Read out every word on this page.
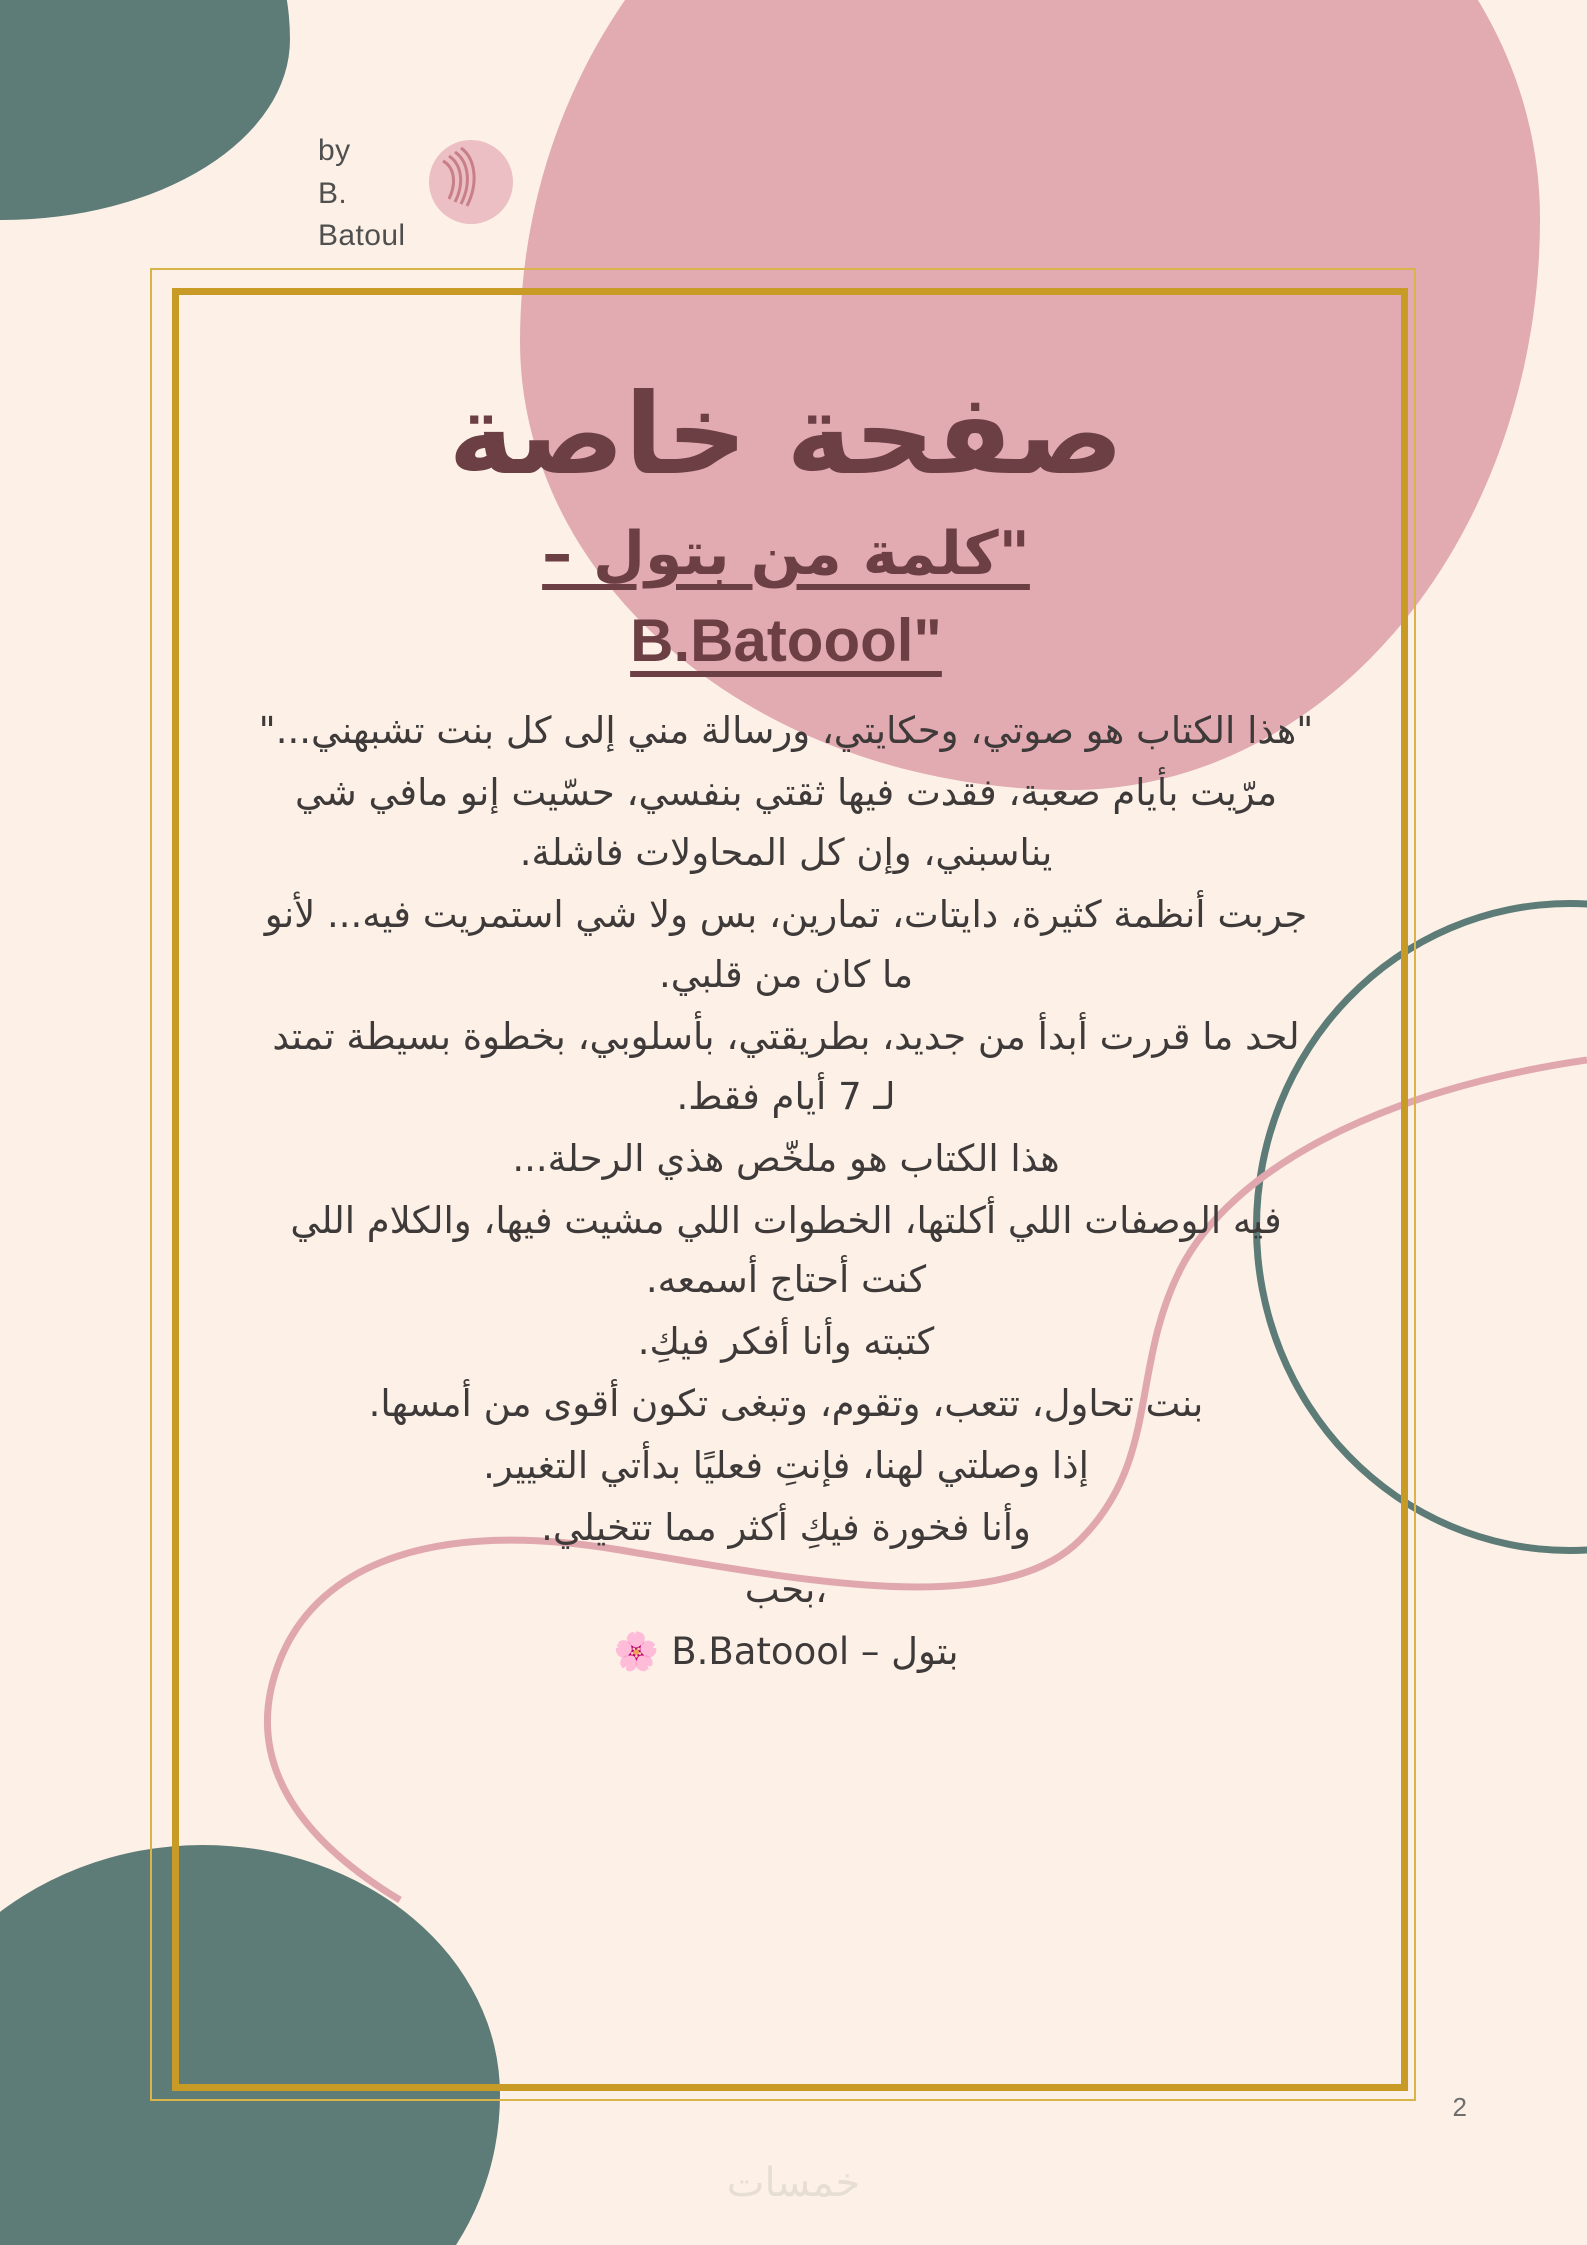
by
B.
Batoul
صفحة خاصة
"كلمة من بتول –
B.Batoool"

"هذا الكتاب هو صوتي، وحكايتي، ورسالة مني إلى كل بنت تشبهني..."

مرّيت بأيام صعبة، فقدت فيها ثقتي بنفسي، حسّيت إنو مافي شي يناسبني، وإن كل المحاولات فاشلة.

جربت أنظمة كثيرة، دايتات، تمارين، بس ولا شي استمريت فيه... لأنو ما كان من قلبي.

لحد ما قررت أبدأ من جديد، بطريقتي، بأسلوبي، بخطوة بسيطة تمتد لـ 7 أيام فقط.

هذا الكتاب هو ملخّص هذي الرحلة...

فيه الوصفات اللي أكلتها، الخطوات اللي مشيت فيها، والكلام اللي كنت أحتاج أسمعه.

كتبته وأنا أفكر فيكِ.

بنت تحاول، تتعب، وتقوم، وتبغى تكون أقوى من أمسها.

إذا وصلتي لهنا، فإنتِ فعليًا بدأتي التغيير.

وأنا فخورة فيكِ أكثر مما تتخيلي.

،بحب

بتول – B.Batoool 🌸

2
خمسات
